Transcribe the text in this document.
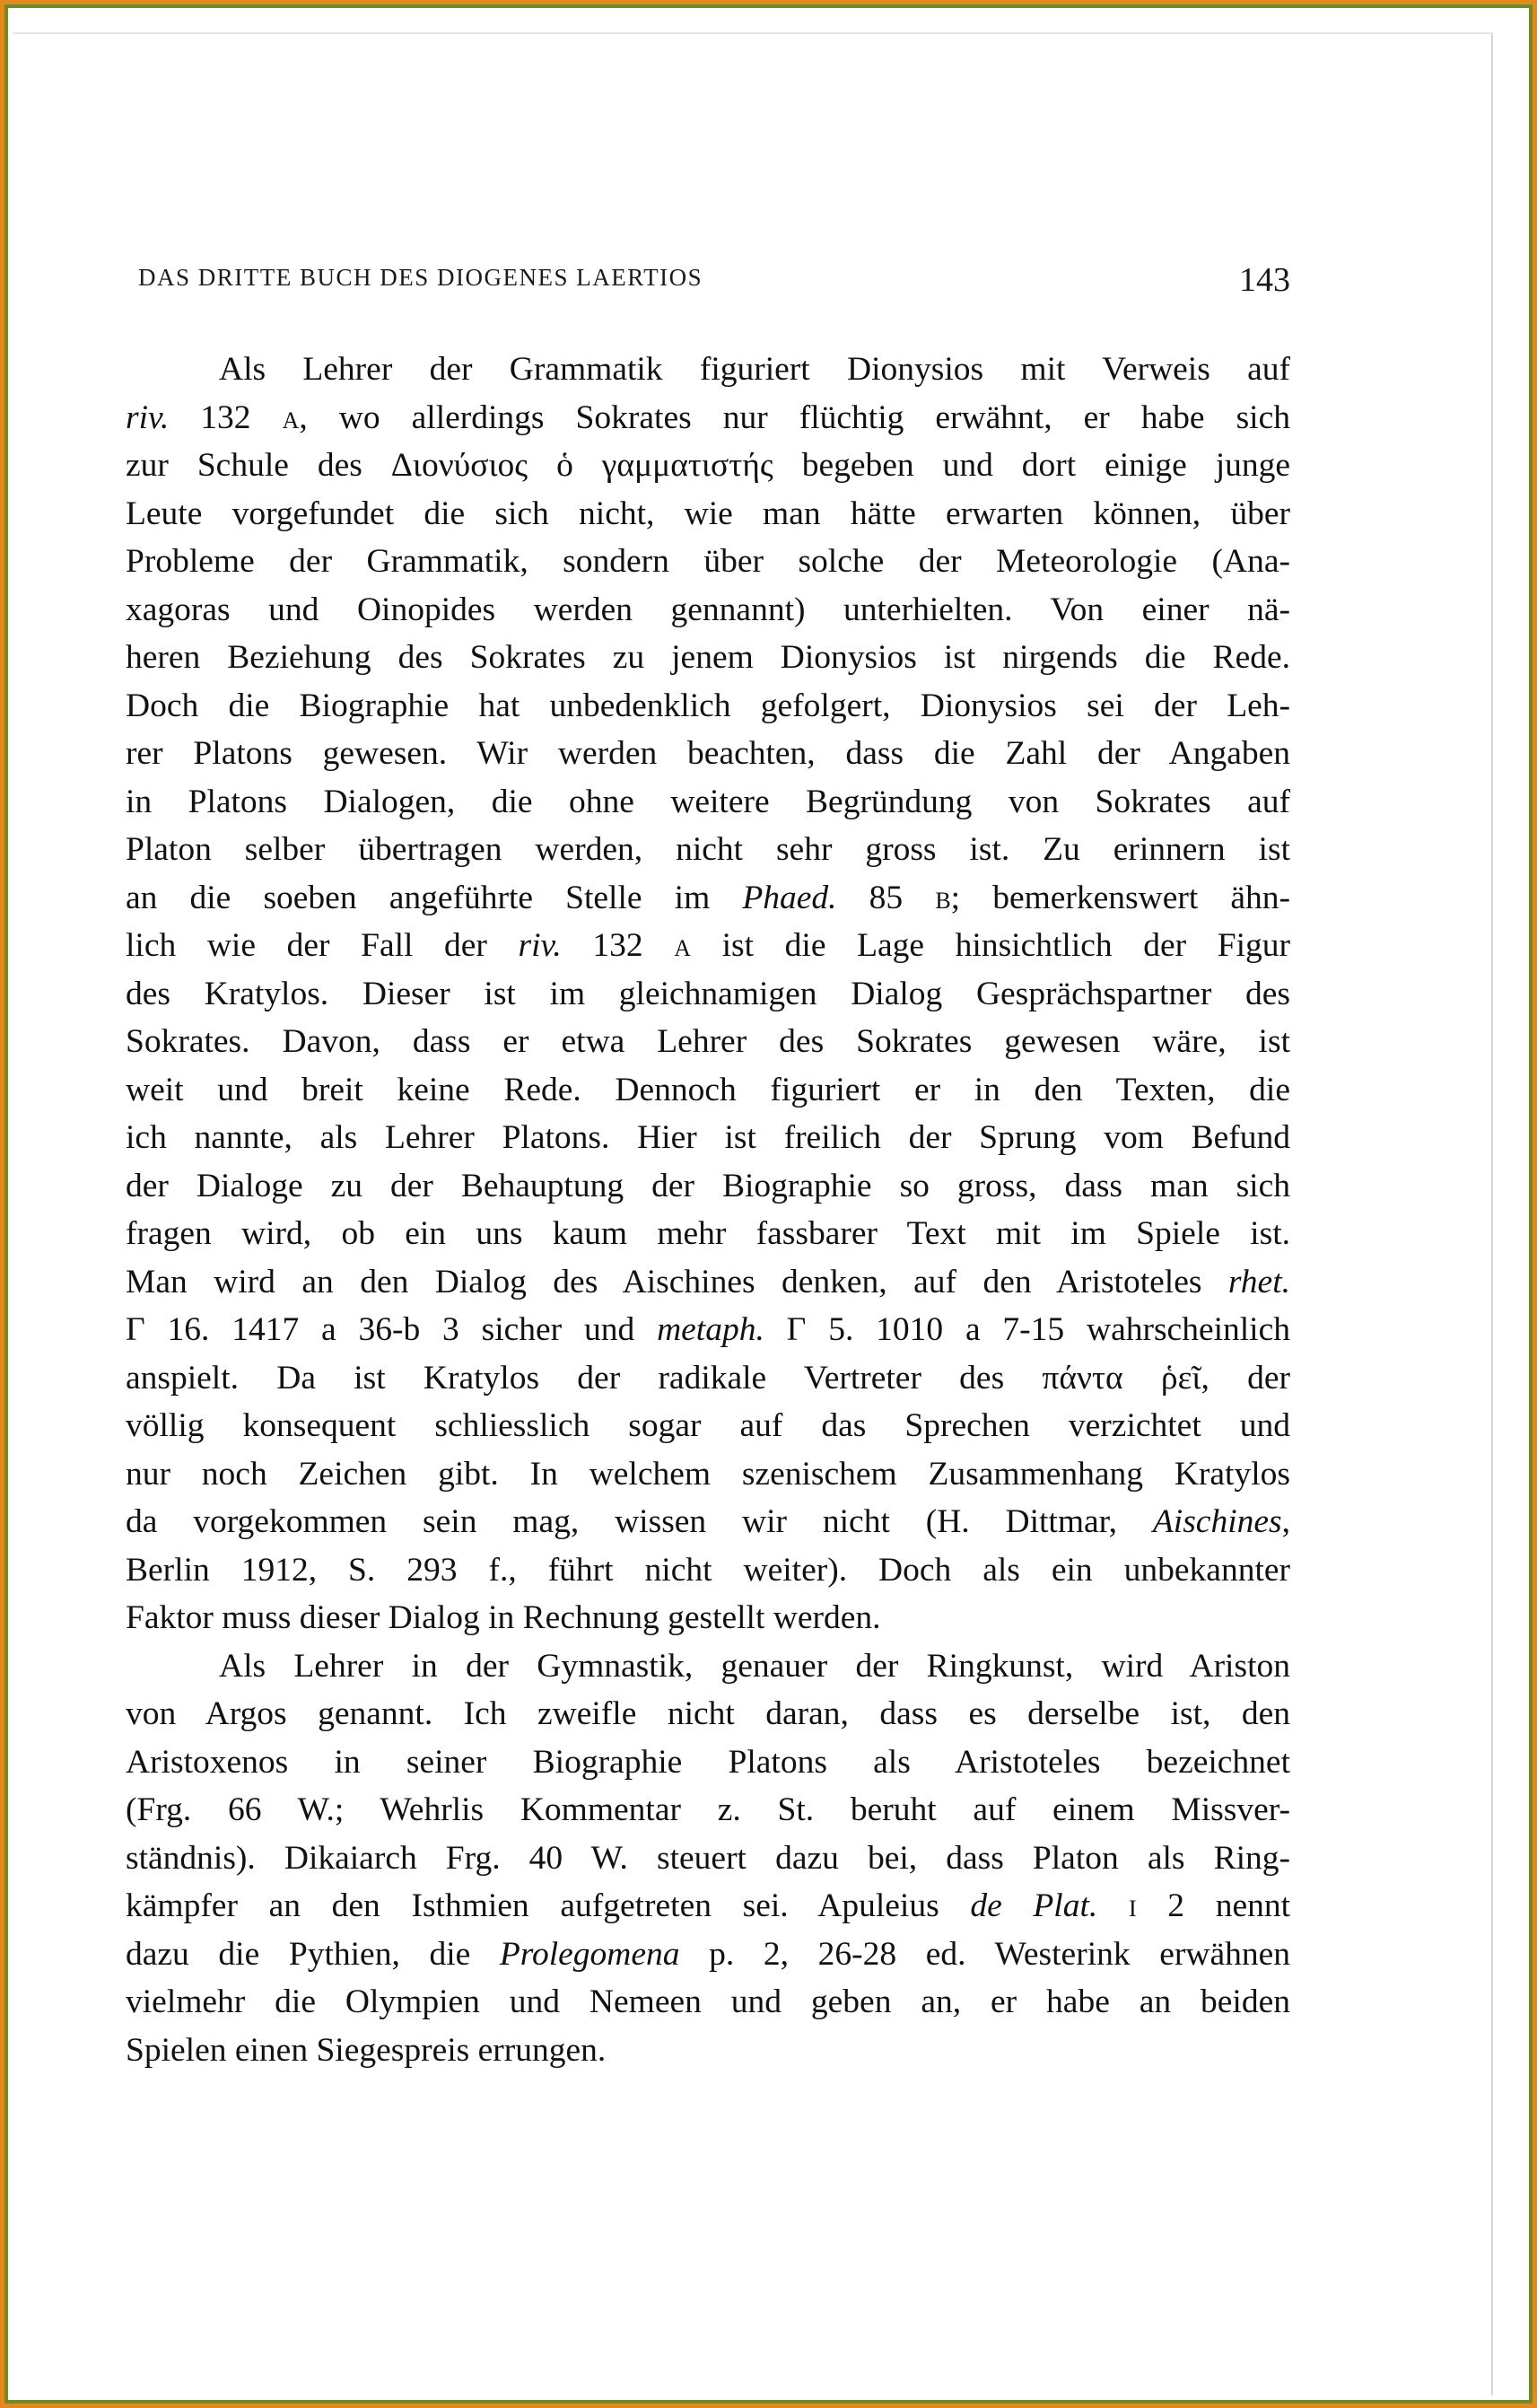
DAS DRITTE BUCH DES DIOGENES LAERTIOS	143
Als Lehrer der Grammatik figuriert Dionysios mit Verweis auf
riv. 132 a, wo allerdings Sokrates nur flüchtig erwähnt, er habe sich
zur Schule des Διονύσιος ὁ γαμματιστής begeben und dort einige junge
Leute vorgefundet die sich nicht, wie man hätte erwarten können, über
Probleme der Grammatik, sondern über solche der Meteorologie (Ana-
xagoras und Oinopides werden gennannt) unterhielten. Von einer nä-
heren Beziehung des Sokrates zu jenem Dionysios ist nirgends die Rede.
Doch die Biographie hat unbedenklich gefolgert, Dionysios sei der Leh-
rer Platons gewesen. Wir werden beachten, dass die Zahl der Angaben
in Platons Dialogen, die ohne weitere Begründung von Sokrates auf
Platon selber übertragen werden, nicht sehr gross ist. Zu erinnern ist
an die soeben angeführte Stelle im Phaed. 85 b; bemerkenswert ähn-
lich wie der Fall der riv. 132 a ist die Lage hinsichtlich der Figur
des Kratylos. Dieser ist im gleichnamigen Dialog Gesprächspartner des
Sokrates. Davon, dass er etwa Lehrer des Sokrates gewesen wäre, ist
weit und breit keine Rede. Dennoch figuriert er in den Texten, die
ich nannte, als Lehrer Platons. Hier ist freilich der Sprung vom Befund
der Dialoge zu der Behauptung der Biographie so gross, dass man sich
fragen wird, ob ein uns kaum mehr fassbarer Text mit im Spiele ist.
Man wird an den Dialog des Aischines denken, auf den Aristoteles rhet.
Γ 16. 1417 a 36-b 3 sicher und metaph. Γ 5. 1010 a 7-15 wahrscheinlich
anspielt. Da ist Kratylos der radikale Vertreter des πάντα ῥεῖ, der
völlig konsequent schliesslich sogar auf das Sprechen verzichtet und
nur noch Zeichen gibt. In welchem szenischem Zusammenhang Kratylos
da vorgekommen sein mag, wissen wir nicht (H. Dittmar, Aischines,
Berlin 1912, S. 293 f., führt nicht weiter). Doch als ein unbekannter
Faktor muss dieser Dialog in Rechnung gestellt werden.
Als Lehrer in der Gymnastik, genauer der Ringkunst, wird Ariston
von Argos genannt. Ich zweifle nicht daran, dass es derselbe ist, den
Aristoxenos in seiner Biographie Platons als Aristoteles bezeichnet
(Frg. 66 W.; Wehrlis Kommentar z. St. beruht auf einem Missver-
ständnis). Dikaiarch Frg. 40 W. steuert dazu bei, dass Platon als Ring-
kämpfer an den Isthmien aufgetreten sei. Apuleius de Plat. i 2 nennt
dazu die Pythien, die Prolegomena p. 2, 26-28 ed. Westerink erwähnen
vielmehr die Olympien und Nemeen und geben an, er habe an beiden
Spielen einen Siegespreis errungen.
